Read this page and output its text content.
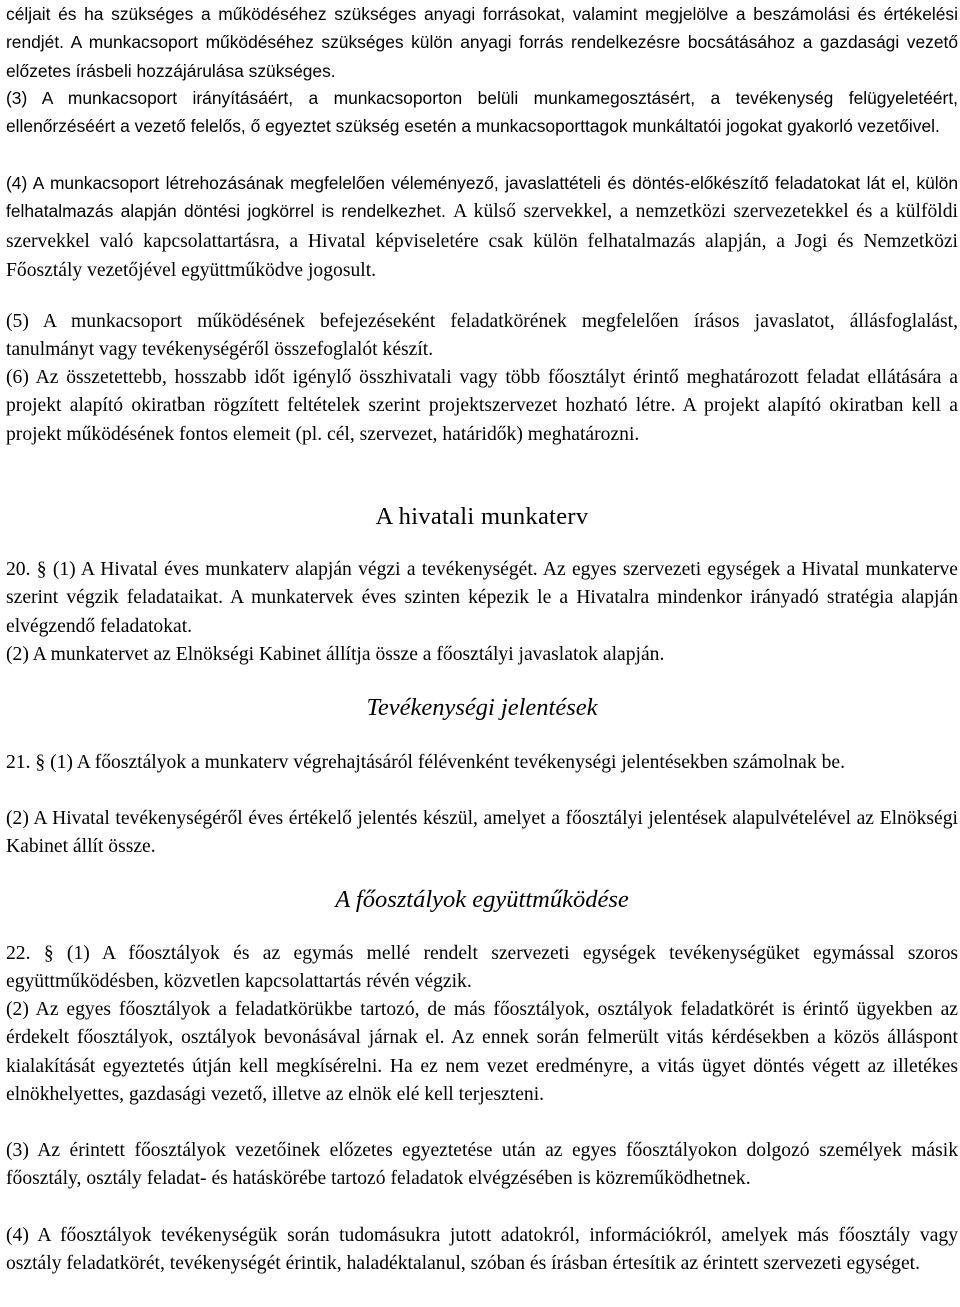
céljait és ha szükséges a működéséhez szükséges anyagi forrásokat, valamint megjelölve a beszámolási és értékelési rendjét. A munkacsoport működéséhez szükséges külön anyagi forrás rendelkezésre bocsátásához a gazdasági vezető előzetes írásbeli hozzájárulása szükséges.

(3) A munkacsoport irányításáért, a munkacsoporton belüli munkamegosztásért, a tevékenység felügyeletéért, ellenőrzéséért a vezető felelős, ő egyeztet szükség esetén a munkacsoporttagok munkáltatói jogokat gyakorló vezetőivel.

(4) A munkacsoport létrehozásának megfelelően véleményező, javaslattételi és döntés-előkészítő feladatokat lát el, külön felhatalmazás alapján döntési jogkörrel is rendelkezhet. A külső szervekkel, a nemzetközi szervezetekkel és a külföldi szervekkel való kapcsolattartásra, a Hivatal képviseletére csak külön felhatalmazás alapján, a Jogi és Nemzetközi Főosztály vezetőjével együttműködve jogosult.

(5) A munkacsoport működésének befejezéseként feladatkörének megfelelően írásos javaslatot, állásfoglalást, tanulmányt vagy tevékenységéről összefoglalót készít.

(6) Az összetettebb, hosszabb időt igénylő összhivatali vagy több főosztályt érintő meghatározott feladat ellátására a projekt alapító okiratban rögzített feltételek szerint projektszervezet hozható létre. A projekt alapító okiratban kell a projekt működésének fontos elemeit (pl. cél, szervezet, határidők) meghatározni.

A hivatali munkaterv

20. § (1) A Hivatal éves munkaterv alapján végzi a tevékenységét. Az egyes szervezeti egységek a Hivatal munkaterve szerint végzik feladataikat. A munkatervek éves szinten képezik le a Hivatalra mindenkor irányadó stratégia alapján elvégzendő feladatokat.

(2) A munkatervet az Elnökségi Kabinet állítja össze a főosztályi javaslatok alapján.

Tevékenységi jelentések

21. § (1) A főosztályok a munkaterv végrehajtásáról félévenként tevékenységi jelentésekben számolnak be.

(2) A Hivatal tevékenységéről éves értékelő jelentés készül, amelyet a főosztályi jelentések alapulvételével az Elnökségi Kabinet állít össze.

A főosztályok együttműködése

22. § (1) A főosztályok és az egymás mellé rendelt szervezeti egységek tevékenységüket egymással szoros együttműködésben, közvetlen kapcsolattartás révén végzik.

(2) Az egyes főosztályok a feladatkörükbe tartozó, de más főosztályok, osztályok feladatkörét is érintő ügyekben az érdekelt főosztályok, osztályok bevonásával járnak el. Az ennek során felmerült vitás kérdésekben a közös álláspont kialakítását egyeztetés útján kell megkísérelni. Ha ez nem vezet eredményre, a vitás ügyet döntés végett az illetékes elnökhelyettes, gazdasági vezető, illetve az elnök elé kell terjeszteni.

(3) Az érintett főosztályok vezetőinek előzetes egyeztetése után az egyes főosztályokon dolgozó személyek másik főosztály, osztály feladat- és hatáskörébe tartozó feladatok elvégzésében is közreműködhetnek.

(4) A főosztályok tevékenységük során tudomásukra jutott adatokról, információkról, amelyek más főosztály vagy osztály feladatkörét, tevékenységét érintik, haladéktalanul, szóban és írásban értesítik az érintett szervezeti egységet.
